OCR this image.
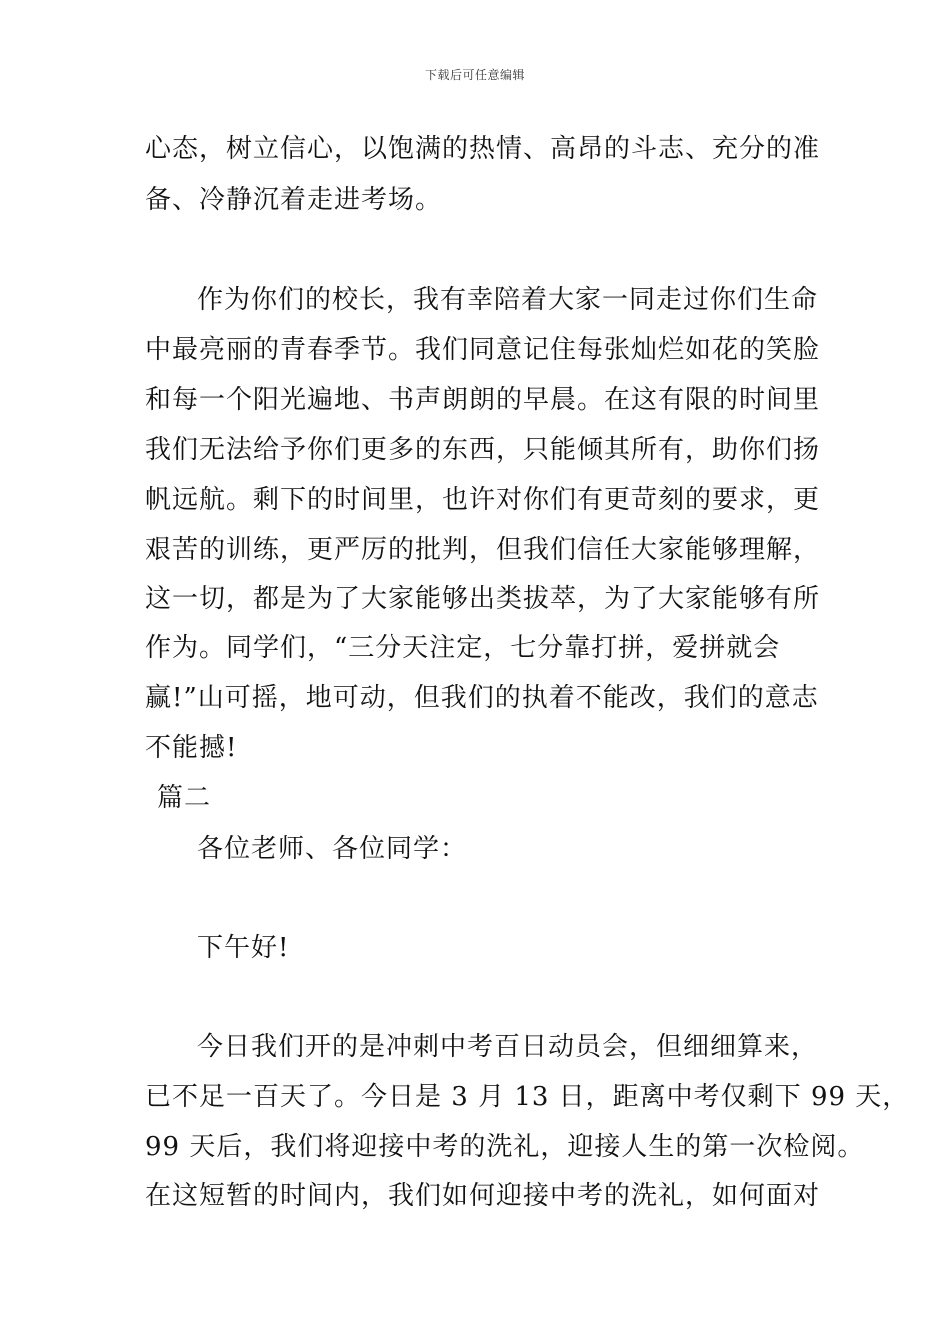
下载后可任意编辑
心态，树立信心，以饱满的热情、高昂的斗志、充分的准
备、冷静沉着走进考场。
作为你们的校长，我有幸陪着大家一同走过你们生命
中最亮丽的青春季节。我们同意记住每张灿烂如花的笑脸
和每一个阳光遍地、书声朗朗的早晨。在这有限的时间里
我们无法给予你们更多的东西，只能倾其所有，助你们扬
帆远航。剩下的时间里，也许对你们有更苛刻的要求，更
艰苦的训练，更严厉的批判，但我们信任大家能够理解，
这一切，都是为了大家能够出类拔萃，为了大家能够有所
作为。同学们，“三分天注定，七分靠打拼，爱拼就会
赢!”山可摇，地可动，但我们的执着不能改，我们的意志
不能撼!
篇二
各位老师、各位同学：
下午好!
今日我们开的是冲刺中考百日动员会，但细细算来，
已不足一百天了。今日是 3 月 13 日，距离中考仅剩下 99 天，
99 天后，我们将迎接中考的洗礼，迎接人生的第一次检阅。
在这短暂的时间内，我们如何迎接中考的洗礼，如何面对
